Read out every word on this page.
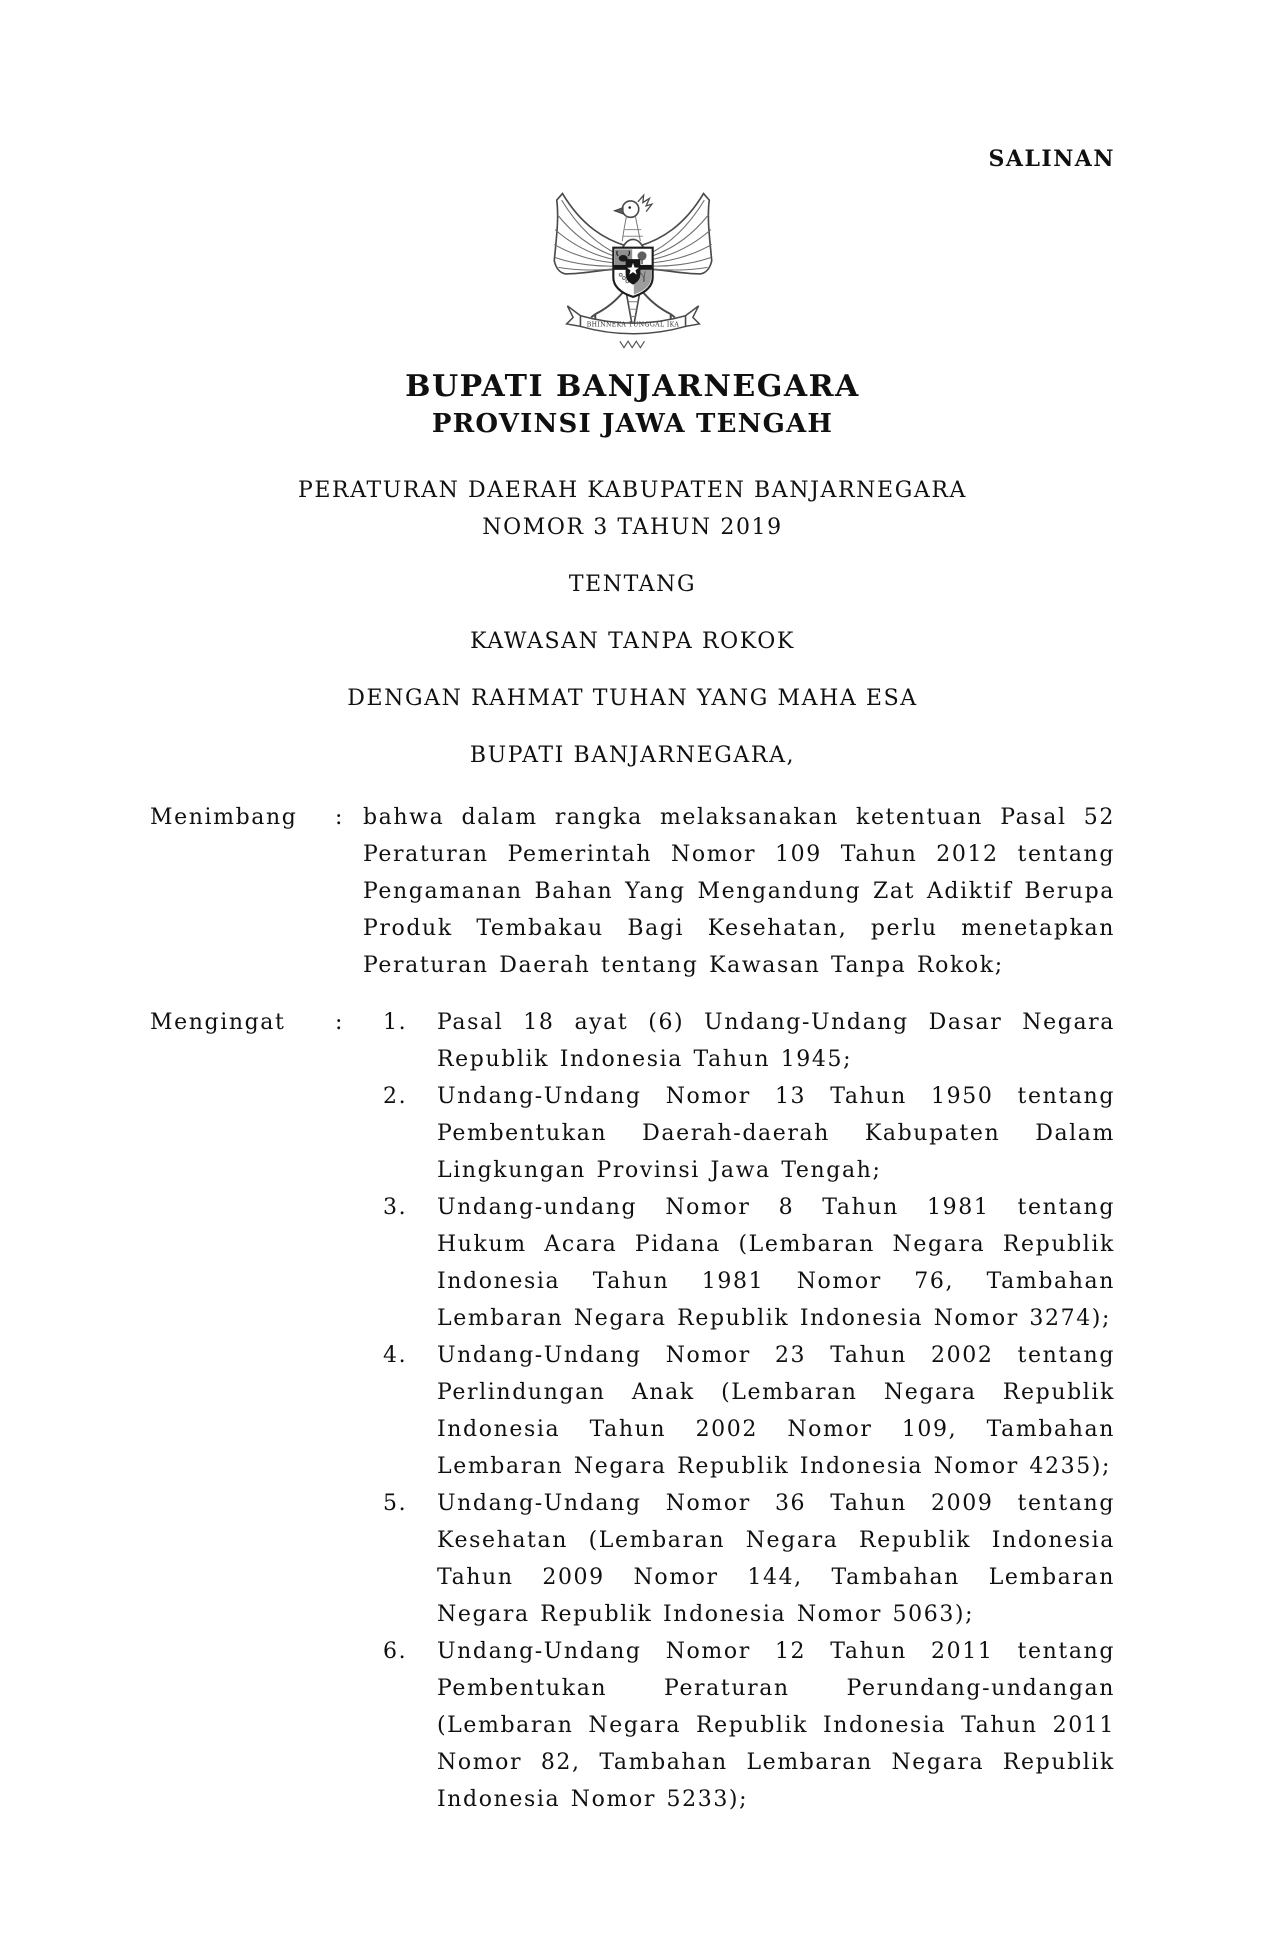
SALINAN
BHINNEKA TUNGGAL IKA
BUPATI BANJARNEGARA
PROVINSI JAWA TENGAH
PERATURAN DAERAH KABUPATEN BANJARNEGARA
NOMOR 3 TAHUN 2019
TENTANG
KAWASAN TANPA ROKOK
DENGAN RAHMAT TUHAN YANG MAHA ESA
BUPATI BANJARNEGARA,
Menimbang	: bahwa dalam rangka melaksanakan ketentuan Pasal 52 Peraturan Pemerintah Nomor 109 Tahun 2012 tentang Pengamanan Bahan Yang Mengandung Zat Adiktif Berupa Produk Tembakau Bagi Kesehatan, perlu menetapkan Peraturan Daerah tentang Kawasan Tanpa Rokok;
Mengingat	:	1.	Pasal 18 ayat (6) Undang-Undang Dasar Negara Republik Indonesia Tahun 1945;
2.	Undang-Undang Nomor 13 Tahun 1950 tentang Pembentukan Daerah-daerah Kabupaten Dalam Lingkungan Provinsi Jawa Tengah;
3.	Undang-undang Nomor 8 Tahun 1981 tentang Hukum Acara Pidana (Lembaran Negara Republik Indonesia Tahun 1981 Nomor 76, Tambahan Lembaran Negara Republik Indonesia Nomor 3274);
4.	Undang-Undang Nomor 23 Tahun 2002 tentang Perlindungan Anak (Lembaran Negara Republik Indonesia Tahun 2002 Nomor 109, Tambahan Lembaran Negara Republik Indonesia Nomor 4235);
5.	Undang-Undang Nomor 36 Tahun 2009 tentang Kesehatan (Lembaran Negara Republik Indonesia Tahun 2009 Nomor 144, Tambahan Lembaran Negara Republik Indonesia Nomor 5063);
6.	Undang-Undang Nomor 12 Tahun 2011 tentang Pembentukan Peraturan Perundang-undangan (Lembaran Negara Republik Indonesia Tahun 2011 Nomor 82, Tambahan Lembaran Negara Republik Indonesia Nomor 5233);
